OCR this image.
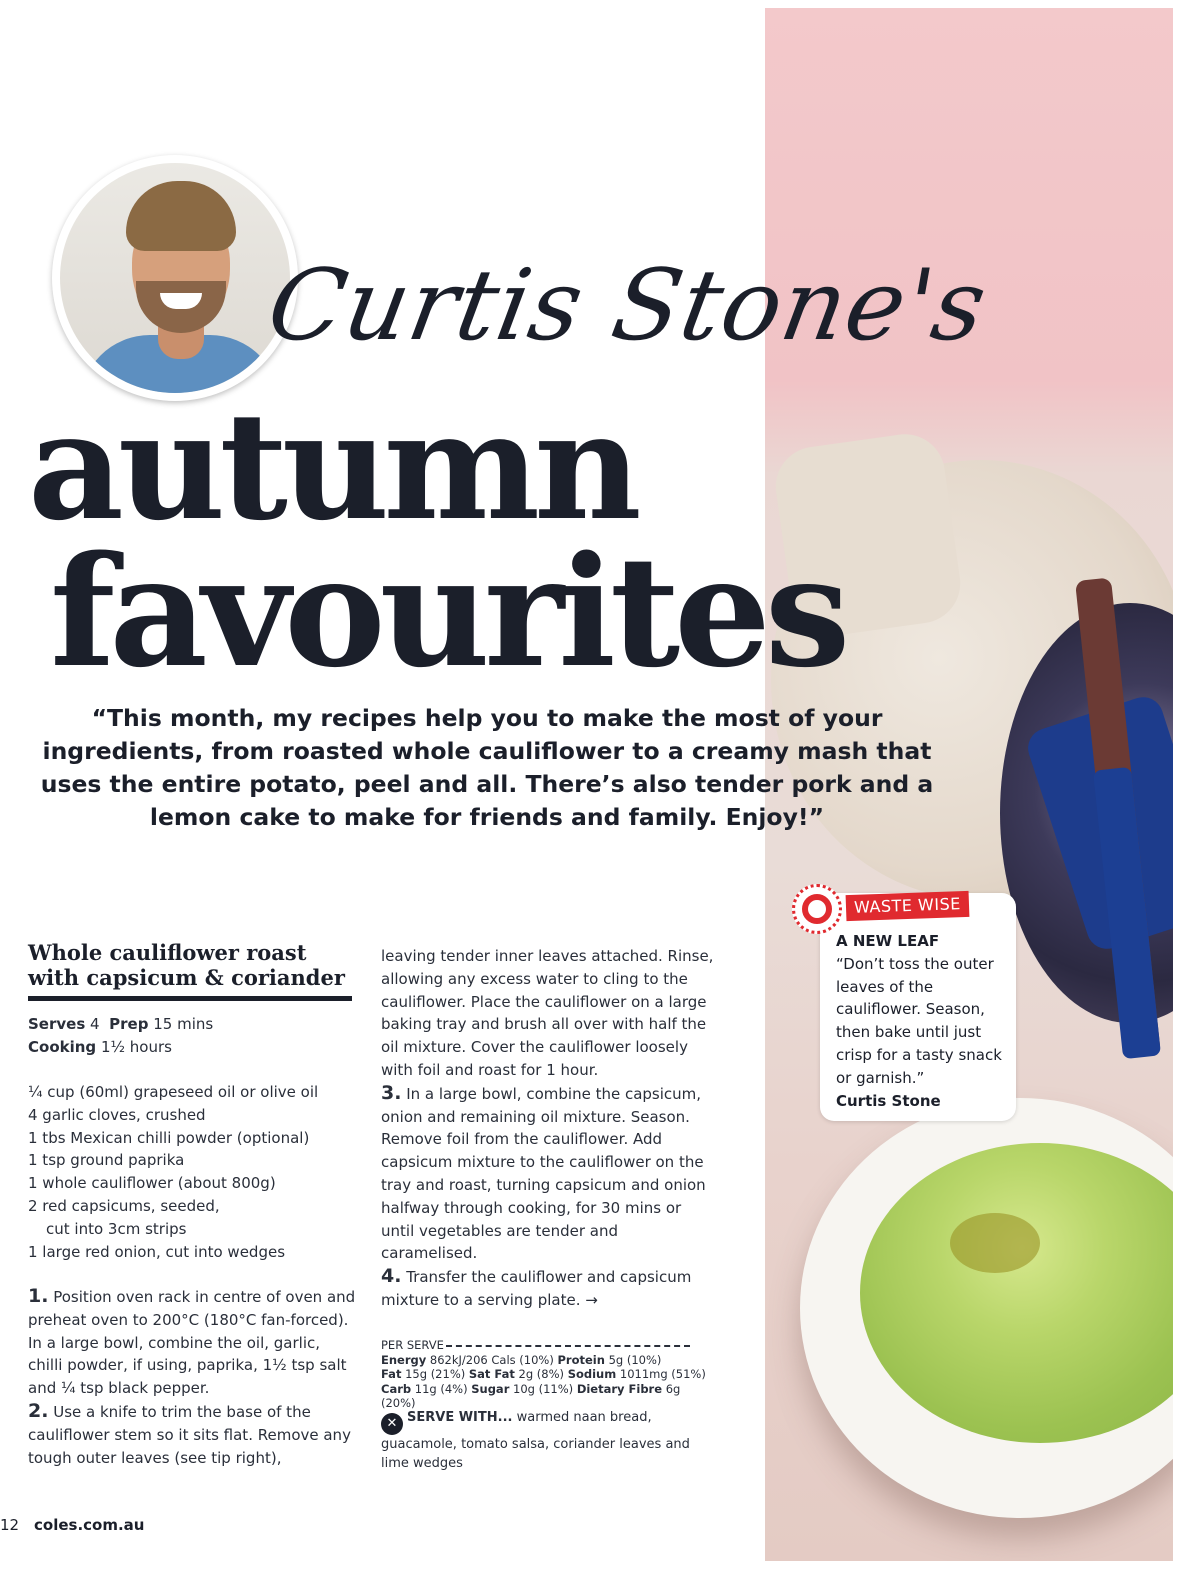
Curtis Stone's
autumn
favourites
“This month, my recipes help you to make the most of your ingredients, from roasted whole cauliflower to a creamy mash that uses the entire potato, peel and all. There’s also tender pork and a lemon cake to make for friends and family. Enjoy!”
Whole cauliflower roast with capsicum & coriander
Serves 4 Prep 15 mins
Cooking 1½ hours
¼ cup (60ml) grapeseed oil or olive oil
4 garlic cloves, crushed
1 tbs Mexican chilli powder (optional)
1 tsp ground paprika
1 whole cauliflower (about 800g)
2 red capsicums, seeded,
cut into 3cm strips
1 large red onion, cut into wedges
1. Position oven rack in centre of oven and preheat oven to 200°C (180°C fan-forced). In a large bowl, combine the oil, garlic, chilli powder, if using, paprika, 1½ tsp salt and ¼ tsp black pepper.
2. Use a knife to trim the base of the cauliflower stem so it sits flat. Remove any tough outer leaves (see tip right),
leaving tender inner leaves attached. Rinse, allowing any excess water to cling to the cauliflower. Place the cauliflower on a large baking tray and brush all over with half the oil mixture. Cover the cauliflower loosely with foil and roast for 1 hour.
3. In a large bowl, combine the capsicum, onion and remaining oil mixture. Season. Remove foil from the cauliflower. Add capsicum mixture to the cauliflower on the tray and roast, turning capsicum and onion halfway through cooking, for 30 mins or until vegetables are tender and caramelised.
4. Transfer the cauliflower and capsicum mixture to a serving plate. →
PER SERVE
Energy 862kJ/206 Cals (10%) Protein 5g (10%)
Fat 15g (21%) Sat Fat 2g (8%) Sodium 1011mg (51%)
Carb 11g (4%) Sugar 10g (11%) Dietary Fibre 6g (20%)
✕ SERVE WITH... warmed naan bread, guacamole, tomato salsa, coriander leaves and lime wedges
WASTE WISE
A NEW LEAF
“Don’t toss the outer leaves of the cauliflower. Season, then bake until just crisp for a tasty snack or garnish.”
Curtis Stone
12 coles.com.au
